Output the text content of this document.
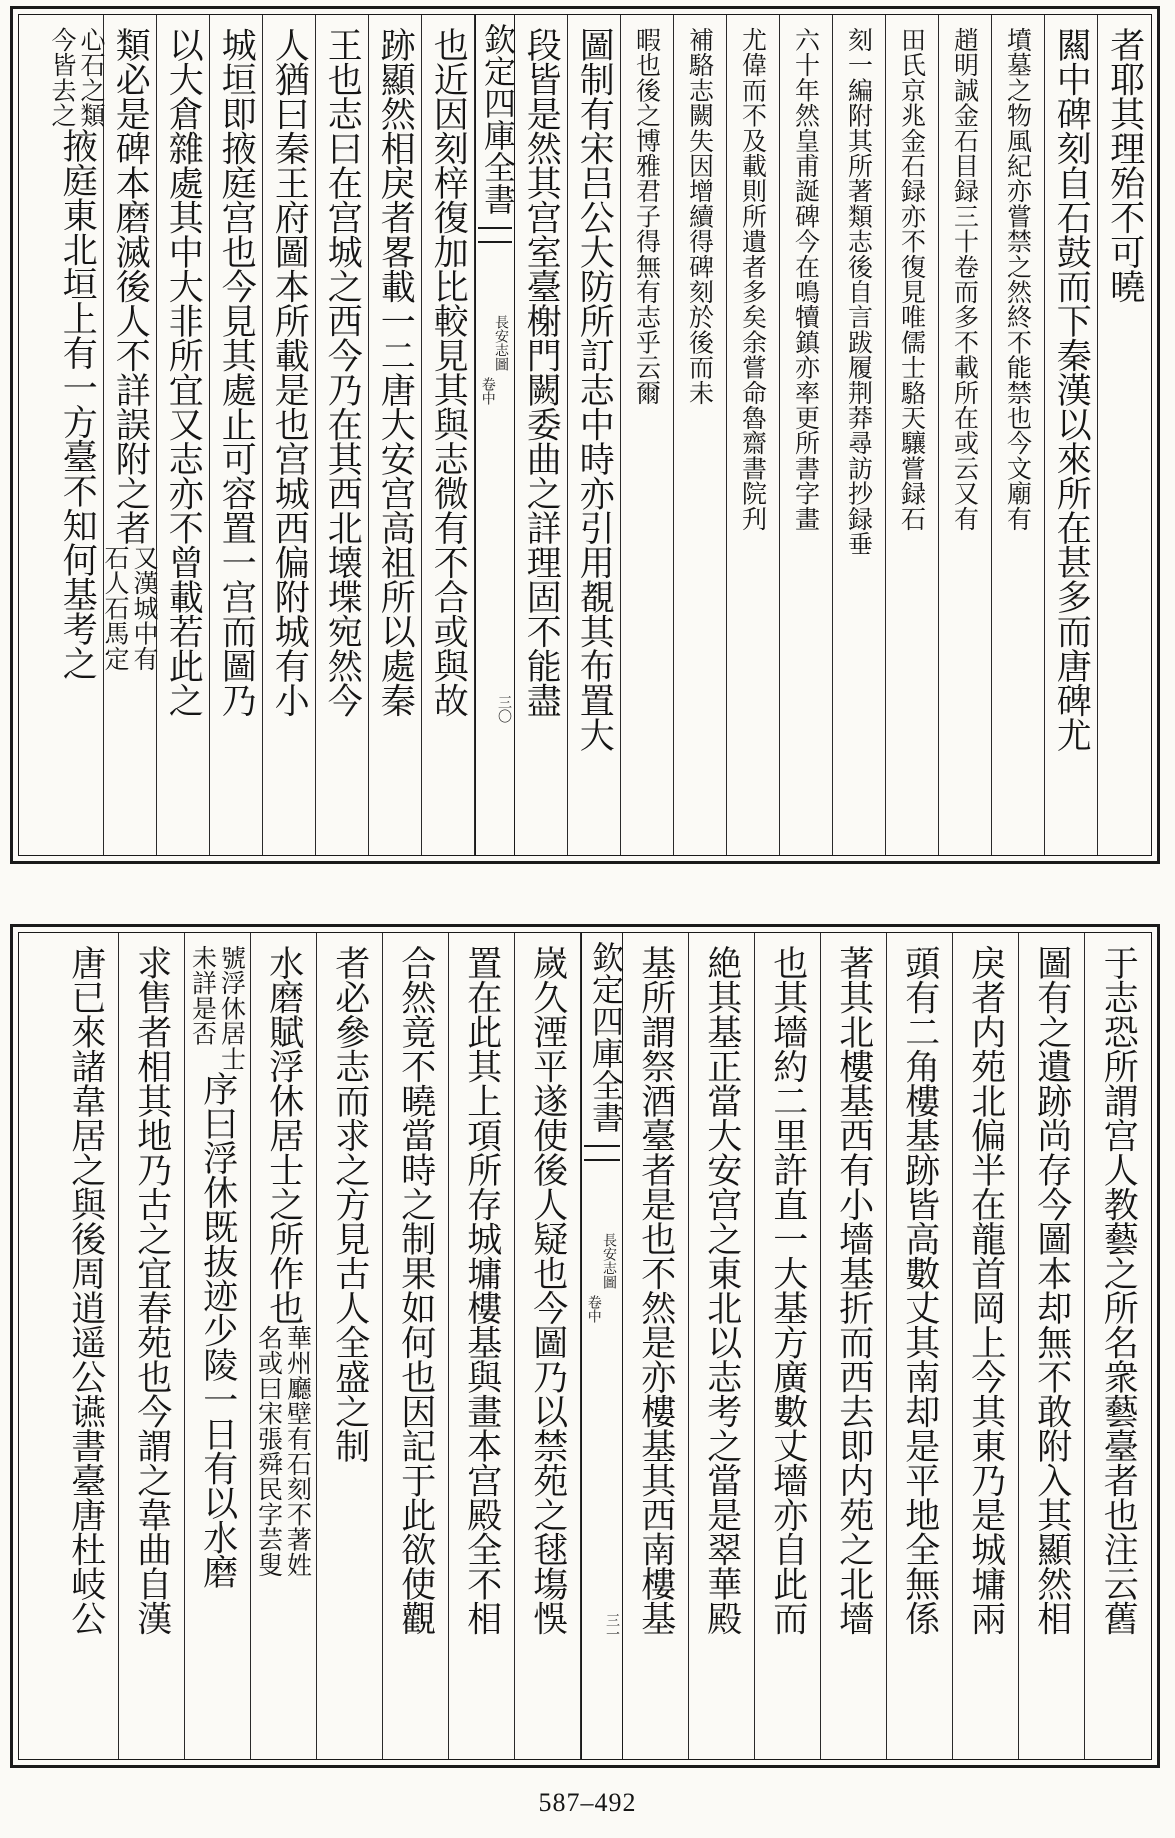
者耶其理殆不可曉
闗中碑刻自石鼓而下秦漢以來所在甚多而唐碑尤
墳墓之物風紀亦嘗禁之然終不能禁也今文廟有
趙明誠金石目録三十卷而多不載所在或云又有
田氏京兆金石録亦不復見唯儒士駱天驤嘗録石
刻一編附其所著類志後自言跋履荆莽尋訪抄録垂
六十年然皇甫誕碑今在鳴犢鎮亦率更所書字畫
尤偉而不及載則所遺者多矣余嘗命魯齋書院刋
補駱志闕失因增續得碑刻於後而未
暇也後之博雅君子得無有志乎云爾
圖制有宋吕公大防所訂志中時亦引用覩其布置大
段皆是然其宫室臺榭門闕委曲之詳理固不能盡
欽定四庫全書
長安志圖
卷中
三〇
也近因刻梓復加比較見其與志微有不合或與故
跡顯然相戾者畧載一二唐大安宫高祖所以處秦
王也志曰在宫城之西今乃在其西北壊堞宛然今
人猶曰秦王府圖本所載是也宫城西偏附城有小
城垣即掖庭宫也今見其處止可容置一宫而圖乃
以大倉雜處其中大非所宜又志亦不曾載若此之
類必是碑本磨滅後人不詳誤附之者
又漢城中有
石人石馬定
心石之類
今皆去之
掖庭東北垣上有一方臺不知何基考之
于志恐所謂宫人教藝之所名衆藝臺者也注云舊
圖有之遺跡尚存今圖本却無不敢附入其顯然相
戾者内苑北偏半在龍首岡上今其東乃是城墉兩
頭有二角樓基跡皆高數丈其南却是平地全無係
著其北樓基西有小墻基折而西去即内苑之北墻
也其墻約二里許直一大基方廣數丈墻亦自此而
絶其基正當大安宫之東北以志考之當是翠華殿
基所謂祭酒臺者是也不然是亦樓基其西南樓基
欽定四庫全書
長安志圖
卷中
三一
嵗久湮平遂使後人疑也今圖乃以禁苑之毬塲悞
置在此其上項所存城墉樓基與畫本宫殿全不相
合然竟不曉當時之制果如何也因記于此欲使觀
者必參志而求之方見古人全盛之制
水磨賦浮休居士之所作也
華州廳壁有石刻不著姓
名或曰宋張舜民字芸叟
號浮休居士
未詳是否
序曰浮休既抜迹少陵一日有以水磨
求售者相其地乃古之宜春苑也今謂之韋曲自漢
唐已來諸韋居之與後周逍遥公䜩書臺唐杜岐公
587–492
